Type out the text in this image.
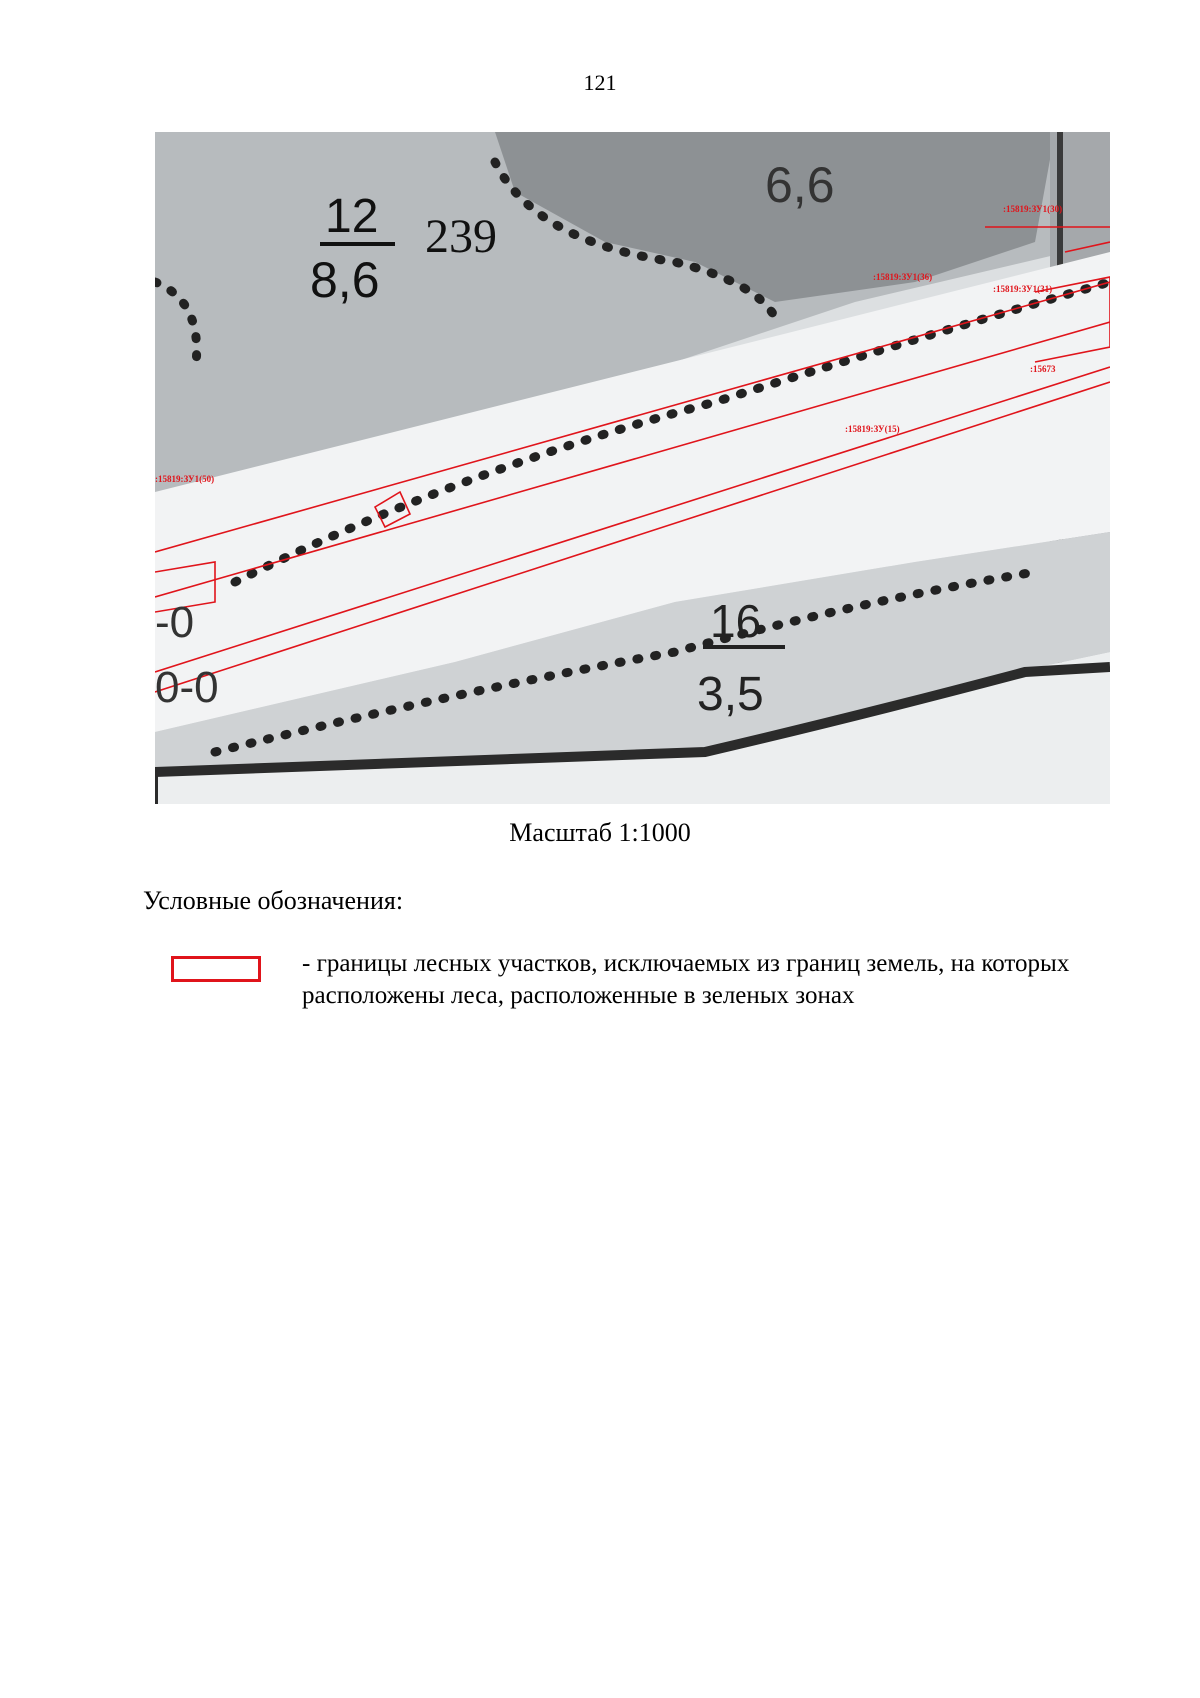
121
12
8,6
239
6,6
16
3,5
-0
0-0
:15819:ЗУ(15)
:15819:ЗУ1(30)
:15819:ЗУ1(36)
:15819:ЗУ1(31)
:15673
:15819:ЗУ1(50)
Масштаб 1:1000
Условные обозначения:
- границы лесных участков, исключаемых из границ земель, на которых расположены леса, расположенные в зеленых зонах
